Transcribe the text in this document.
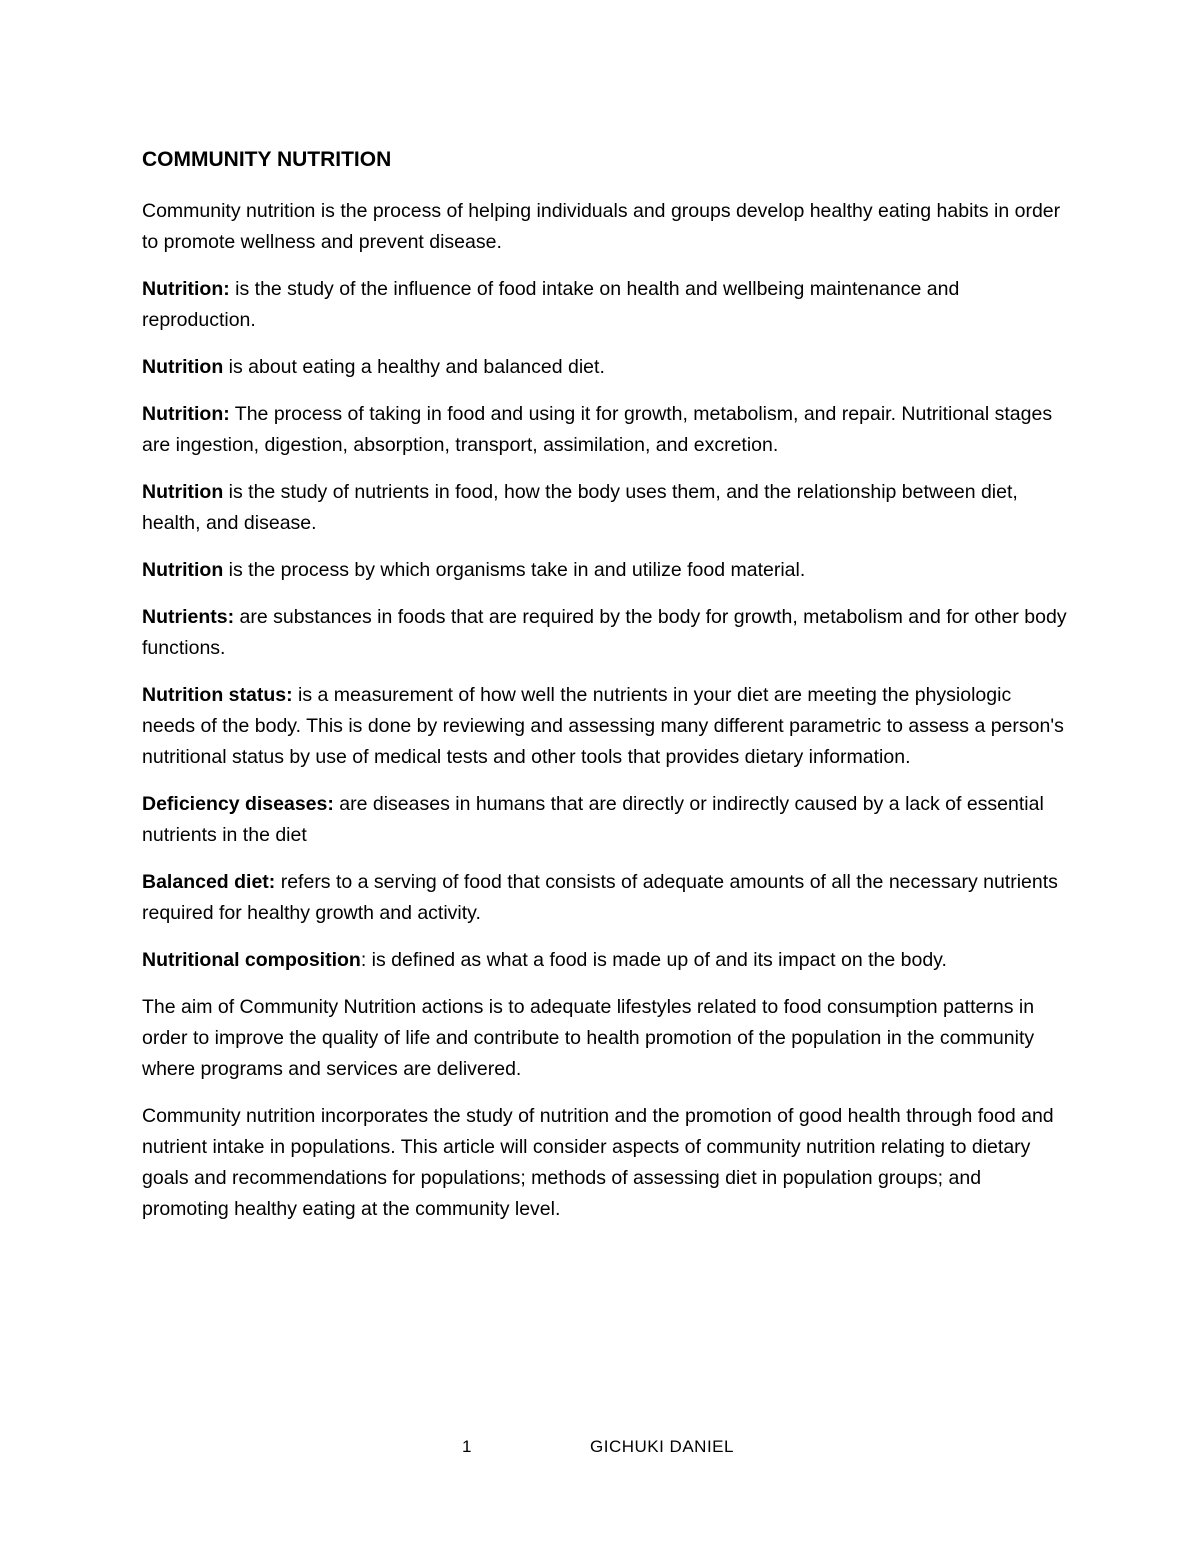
COMMUNITY NUTRITION

Community nutrition is the process of helping individuals and groups develop healthy eating habits in order to promote wellness and prevent disease.

Nutrition: is the study of the influence of food intake on health and wellbeing maintenance and reproduction.

Nutrition is about eating a healthy and balanced diet.

Nutrition: The process of taking in food and using it for growth, metabolism, and repair. Nutritional stages are ingestion, digestion, absorption, transport, assimilation, and excretion.

Nutrition is the study of nutrients in food, how the body uses them, and the relationship between diet, health, and disease.

Nutrition is the process by which organisms take in and utilize food material.

Nutrients: are substances in foods that are required by the body for growth, metabolism and for other body functions.

Nutrition status: is a measurement of how well the nutrients in your diet are meeting the physiologic needs of the body. This is done by reviewing and assessing many different parametric to assess a person's nutritional status by use of medical tests and other tools that provides dietary information.

Deficiency diseases: are diseases in humans that are directly or indirectly caused by a lack of essential nutrients in the diet

Balanced diet: refers to a serving of food that consists of adequate amounts of all the necessary nutrients required for healthy growth and activity.

Nutritional composition: is defined as what a food is made up of and its impact on the body.

The aim of Community Nutrition actions is to adequate lifestyles related to food consumption patterns in order to improve the quality of life and contribute to health promotion of the population in the community where programs and services are delivered.

Community nutrition incorporates the study of nutrition and the promotion of good health through food and nutrient intake in populations. This article will consider aspects of community nutrition relating to dietary goals and recommendations for populations; methods of assessing diet in population groups; and promoting healthy eating at the community level.

1	GICHUKI DANIEL
